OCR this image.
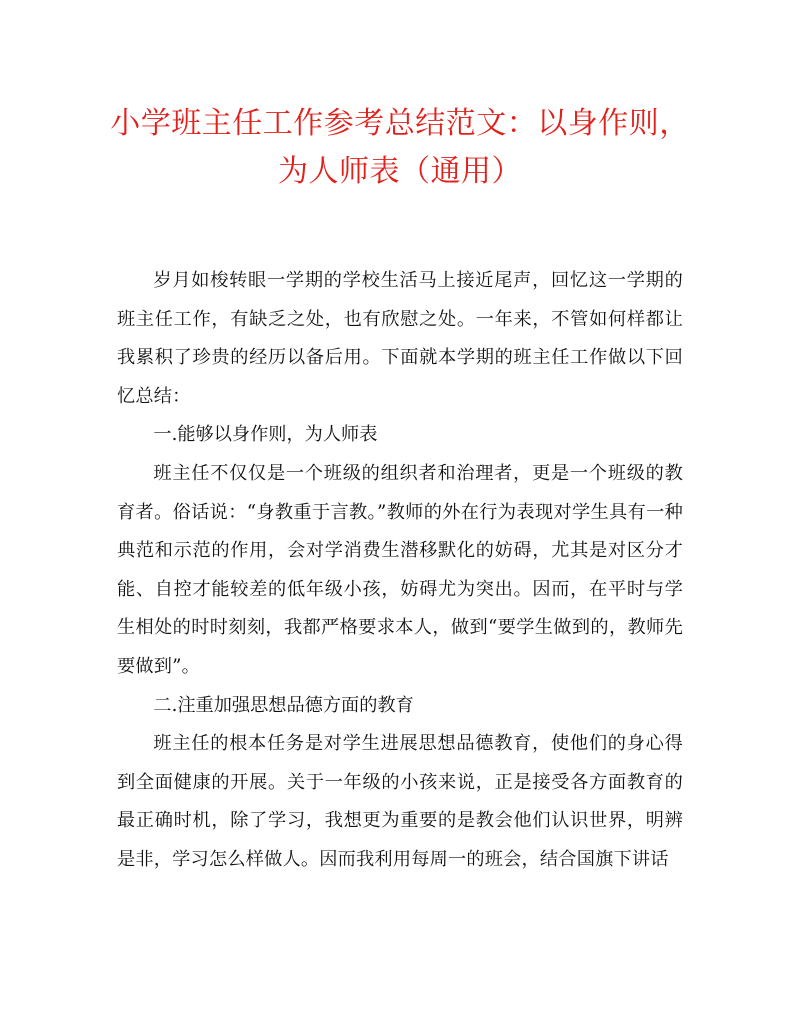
小学班主任工作参考总结范文：以身作则，为人师表（通用）

岁月如梭转眼一学期的学校生活马上接近尾声，回忆这一学期的班主任工作，有缺乏之处，也有欣慰之处。一年来，不管如何样都让我累积了珍贵的经历以备后用。下面就本学期的班主任工作做以下回忆总结：

一.能够以身作则，为人师表

班主任不仅仅是一个班级的组织者和治理者，更是一个班级的教育者。俗话说：“身教重于言教。”教师的外在行为表现对学生具有一种典范和示范的作用，会对学消费生潜移默化的妨碍，尤其是对区分才能、自控才能较差的低年级小孩，妨碍尤为突出。因而，在平时与学生相处的时时刻刻，我都严格要求本人，做到“要学生做到的，教师先要做到”。

二.注重加强思想品德方面的教育

班主任的根本任务是对学生进展思想品德教育，使他们的身心得到全面健康的开展。关于一年级的小孩来说，正是接受各方面教育的最正确时机，除了学习，我想更为重要的是教会他们认识世界，明辨是非，学习怎么样做人。因而我利用每周一的班会，结合国旗下讲话
